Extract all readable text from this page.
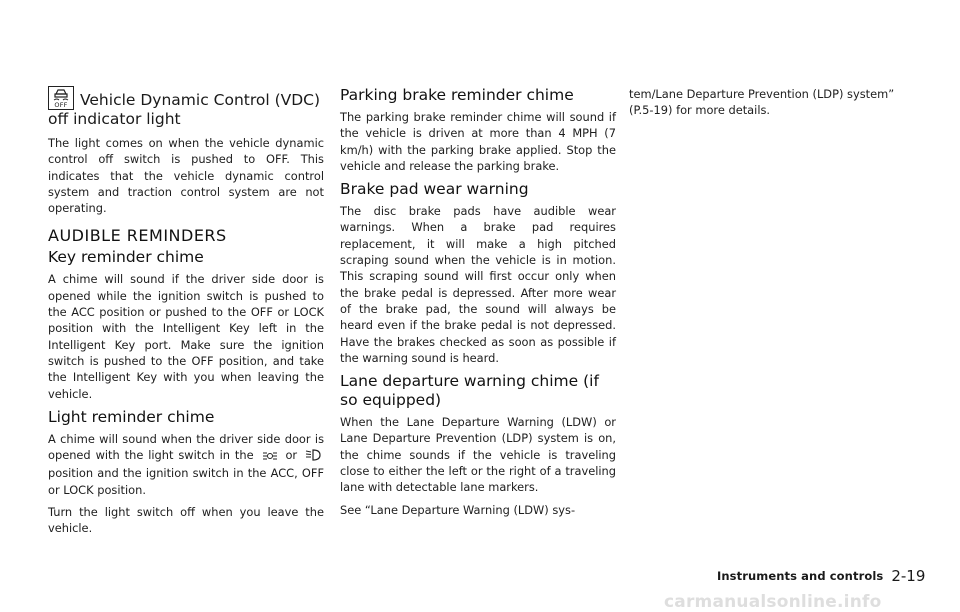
OFF Vehicle Dynamic Control (VDC) off indicator light

The light comes on when the vehicle dynamic control off switch is pushed to OFF. This indicates that the vehicle dynamic control system and traction control system are not operating.

AUDIBLE REMINDERS
Key reminder chime

A chime will sound if the driver side door is opened while the ignition switch is pushed to the ACC position or pushed to the OFF or LOCK position with the Intelligent Key left in the Intelligent Key port. Make sure the ignition switch is pushed to the OFF position, and take the Intelligent Key with you when leaving the vehicle.

Light reminder chime

A chime will sound when the driver side door is opened with the light switch in the	or  position and the ignition switch in the ACC, OFF or LOCK position.

Turn the light switch off when you leave the vehicle.

Parking brake reminder chime

The parking brake reminder chime will sound if the vehicle is driven at more than 4 MPH (7 km/h) with the parking brake applied. Stop the vehicle and release the parking brake.

Brake pad wear warning

The disc brake pads have audible wear warnings. When a brake pad requires replacement, it will make a high pitched scraping sound when the vehicle is in motion. This scraping sound will first occur only when the brake pedal is depressed. After more wear of the brake pad, the sound will always be heard even if the brake pedal is not depressed. Have the brakes checked as soon as possible if the warning sound is heard.

Lane departure warning chime (if so equipped)

When the Lane Departure Warning (LDW) or Lane Departure Prevention (LDP) system is on, the chime sounds if the vehicle is traveling close to either the left or the right of a traveling lane with detectable lane markers.

See “Lane Departure Warning (LDW) sys-

tem/Lane Departure Prevention (LDP) system” (P.5-19) for more details.

Instruments and controls 2-19
carmanualsonline.info
